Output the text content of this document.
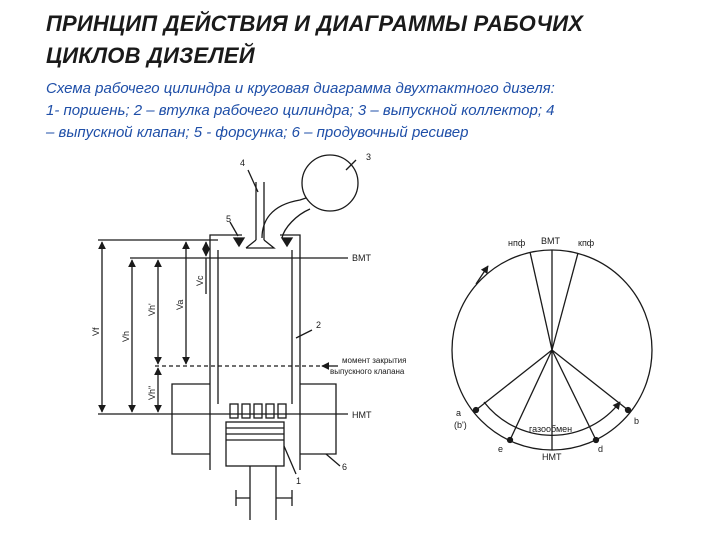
ПРИНЦИП ДЕЙСТВИЯ И ДИАГРАММЫ РАБОЧИХ
ЦИКЛОВ ДИЗЕЛЕЙ
Схема рабочего цилиндра и круговая диаграмма двухтактного дизеля:
1- поршень; 2 – втулка рабочего цилиндра; 3 – выпускной коллектор; 4
– выпускной клапан; 5 - форсунка; 6 – продувочный ресивер
ВМТ
НМТ
момент закрытия
выпускного клапана
1
2
3
4
5
6
Vf Vh
Vh'
Vh"
Va
Vc
нпф ВМТ кпф
газообмен
НМТ
a
(b')	b
e	d
